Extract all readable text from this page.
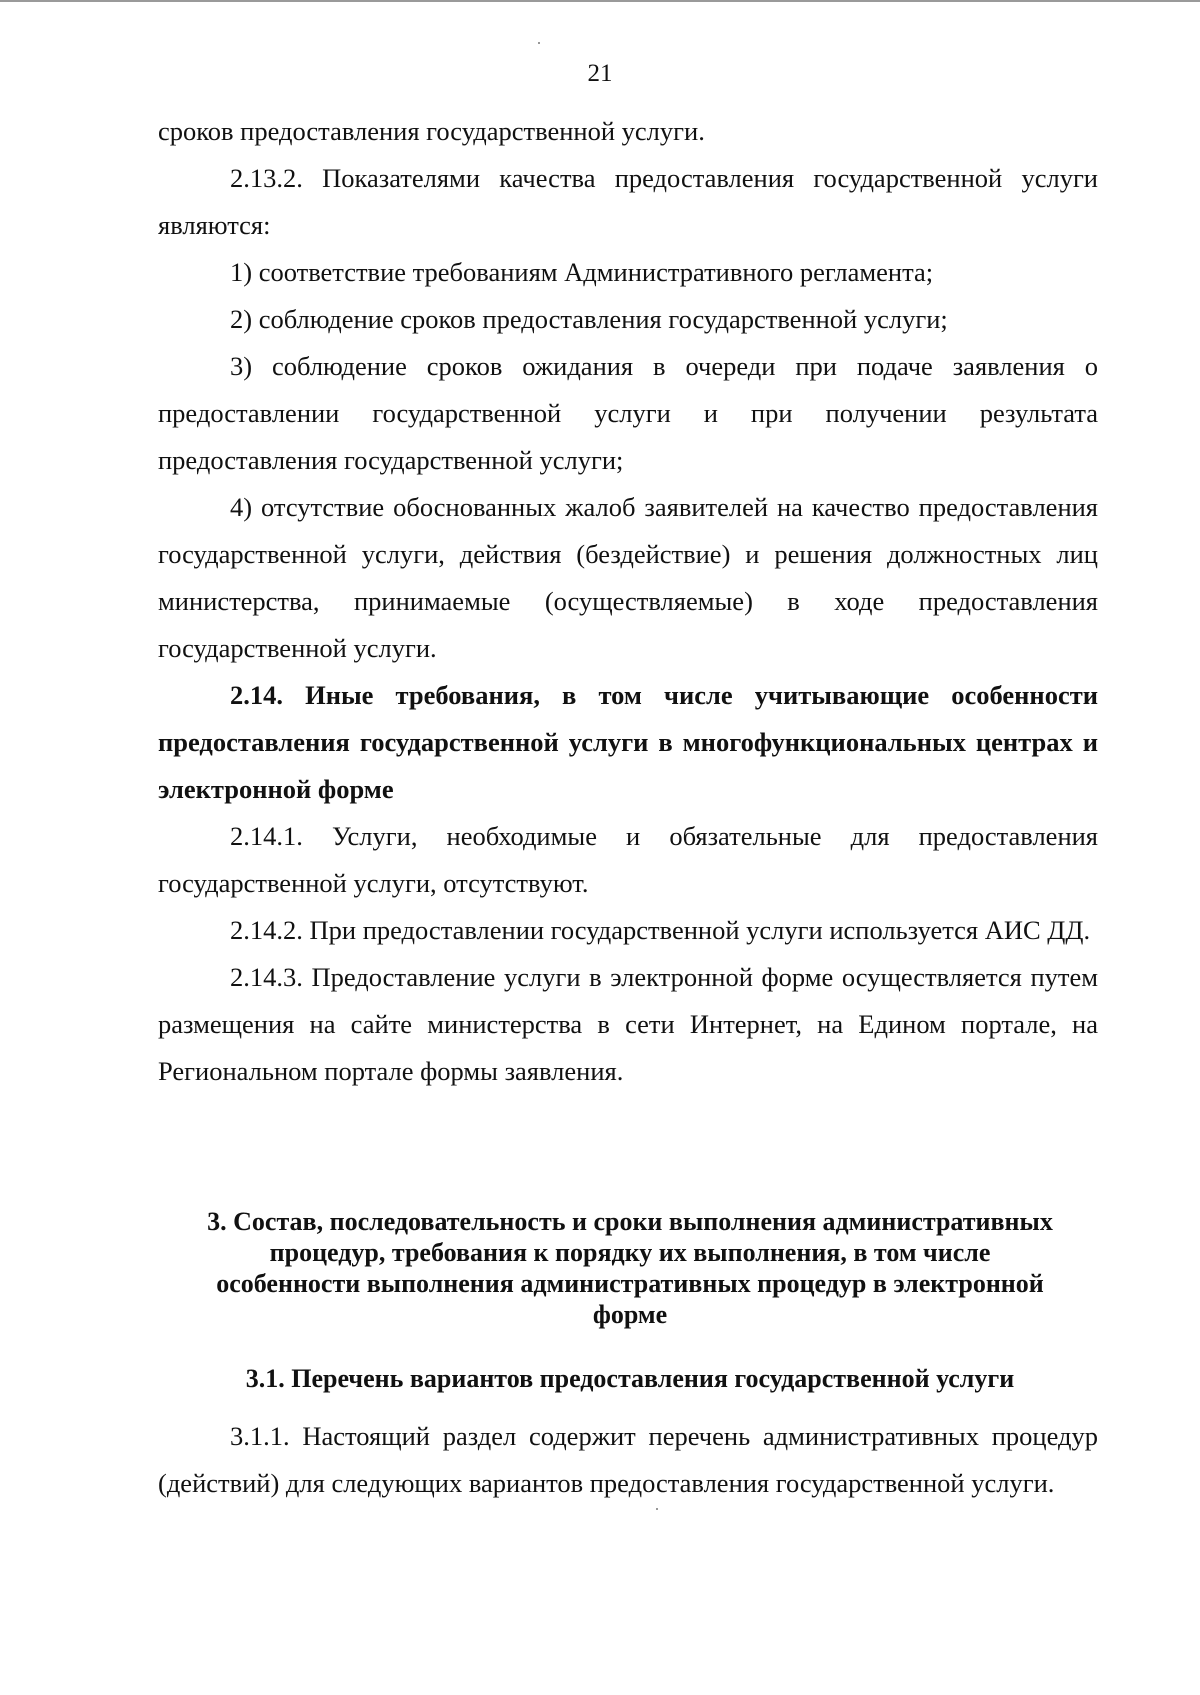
21

сроков предоставления государственной услуги.

2.13.2. Показателями качества предоставления государственной услуги являются:

1) соответствие требованиям Административного регламента;

2) соблюдение сроков предоставления государственной услуги;

3) соблюдение сроков ожидания в очереди при подаче заявления о предоставлении государственной услуги и при получении результата предоставления государственной услуги;

4) отсутствие обоснованных жалоб заявителей на качество предоставления государственной услуги, действия (бездействие) и решения должностных лиц министерства, принимаемые (осуществляемые) в ходе предоставления государственной услуги.

2.14. Иные требования, в том числе учитывающие особенности предоставления государственной услуги в многофункциональных центрах и электронной форме

2.14.1. Услуги, необходимые и обязательные для предоставления государственной услуги, отсутствуют.

2.14.2. При предоставлении государственной услуги используется АИС ДД.

2.14.3. Предоставление услуги в электронной форме осуществляется путем размещения на сайте министерства в сети Интернет, на Едином портале, на Региональном портале формы заявления.

3. Состав, последовательность и сроки выполнения административных
процедур, требования к порядку их выполнения, в том числе
особенности выполнения административных процедур в электронной
форме
3.1. Перечень вариантов предоставления государственной услуги

3.1.1. Настоящий раздел содержит перечень административных процедур (действий) для следующих вариантов предоставления государственной услуги.
